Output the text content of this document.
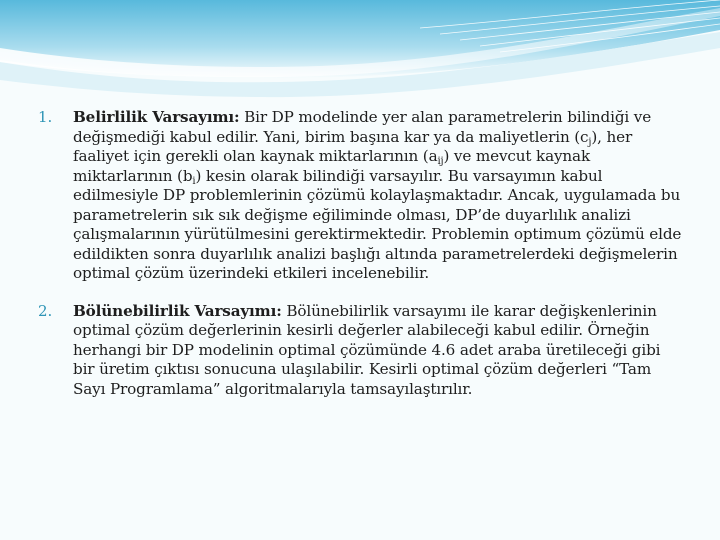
1. Belirlilik Varsayımı: Bir DP modelinde yer alan parametrelerin bilindiği ve değişmediği kabul edilir. Yani, birim başına kar ya da maliyetlerin $(c_j)$, her faaliyet için gerekli olan kaynak miktarlarının $(a_{ij})$ ve mevcut kaynak miktarlarının $(b_i)$ kesin olarak bilindiği varsayılır. Bu varsayımın kabul edilmesiyle DP problemlerinin çözümü kolaylaşmaktadır. Ancak, uygulamada bu parametrelerin sık sık değişme eğiliminde olması, DP’de duyarlılık analizi çalışmalarının yürütülmesini gerektirmektedir. Problemin optimum çözümü elde edildikten sonra duyarlılık analizi başlığı altında parametrelerdeki değişmelerin optimal çözüm üzerindeki etkileri incelenebilir.
2. Bölünebilirlik Varsayımı: Bölünebilirlik varsayımı ile karar değişkenlerinin optimal çözüm değerlerinin kesirli değerler alabileceği kabul edilir. Örneğin herhangi bir DP modelinin optimal çözümünde 4.6 adet araba üretileceği gibi bir üretim çıktısı sonucuna ulaşılabilir. Kesirli optimal çözüm değerleri “Tam Sayı Programlama” algoritmalarıyla tamsayılaştırılır.
